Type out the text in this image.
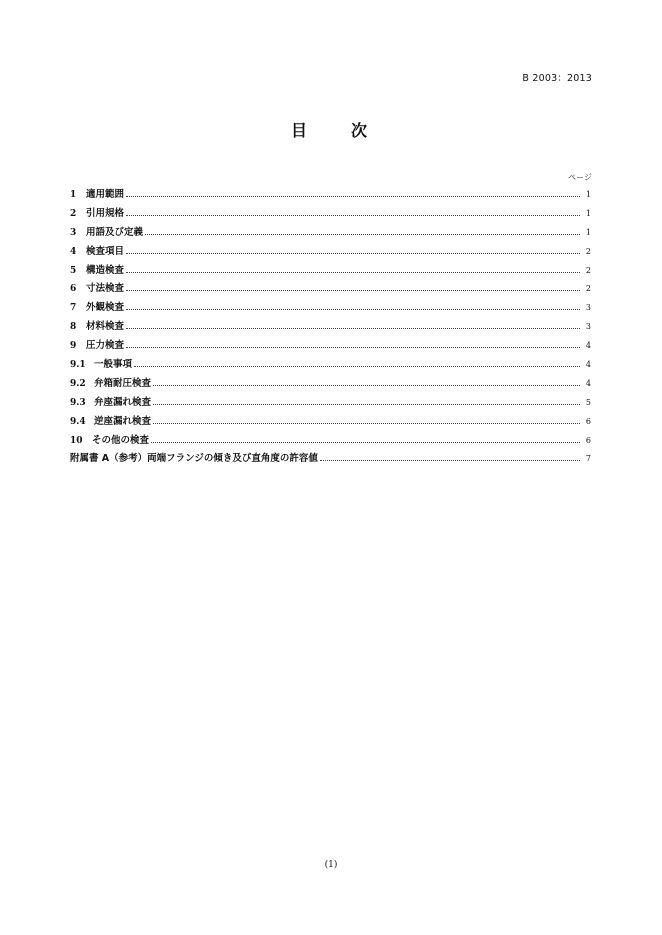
B 2003：2013
目　次
ページ
1	適用範囲	1
2	引用規格	1
3	用語及び定義	1
4	検査項目	2
5	構造検査	2
6	寸法検査	2
7	外観検査	3
8	材料検査	3
9	圧力検査	4
9.1 一般事項	4
9.2 弁箱耐圧検査	4
9.3 弁座漏れ検査	5
9.4 逆座漏れ検査	6
10 その他の検査	6
附属書 A（参考）両端フランジの傾き及び直角度の許容値	7
(1)
